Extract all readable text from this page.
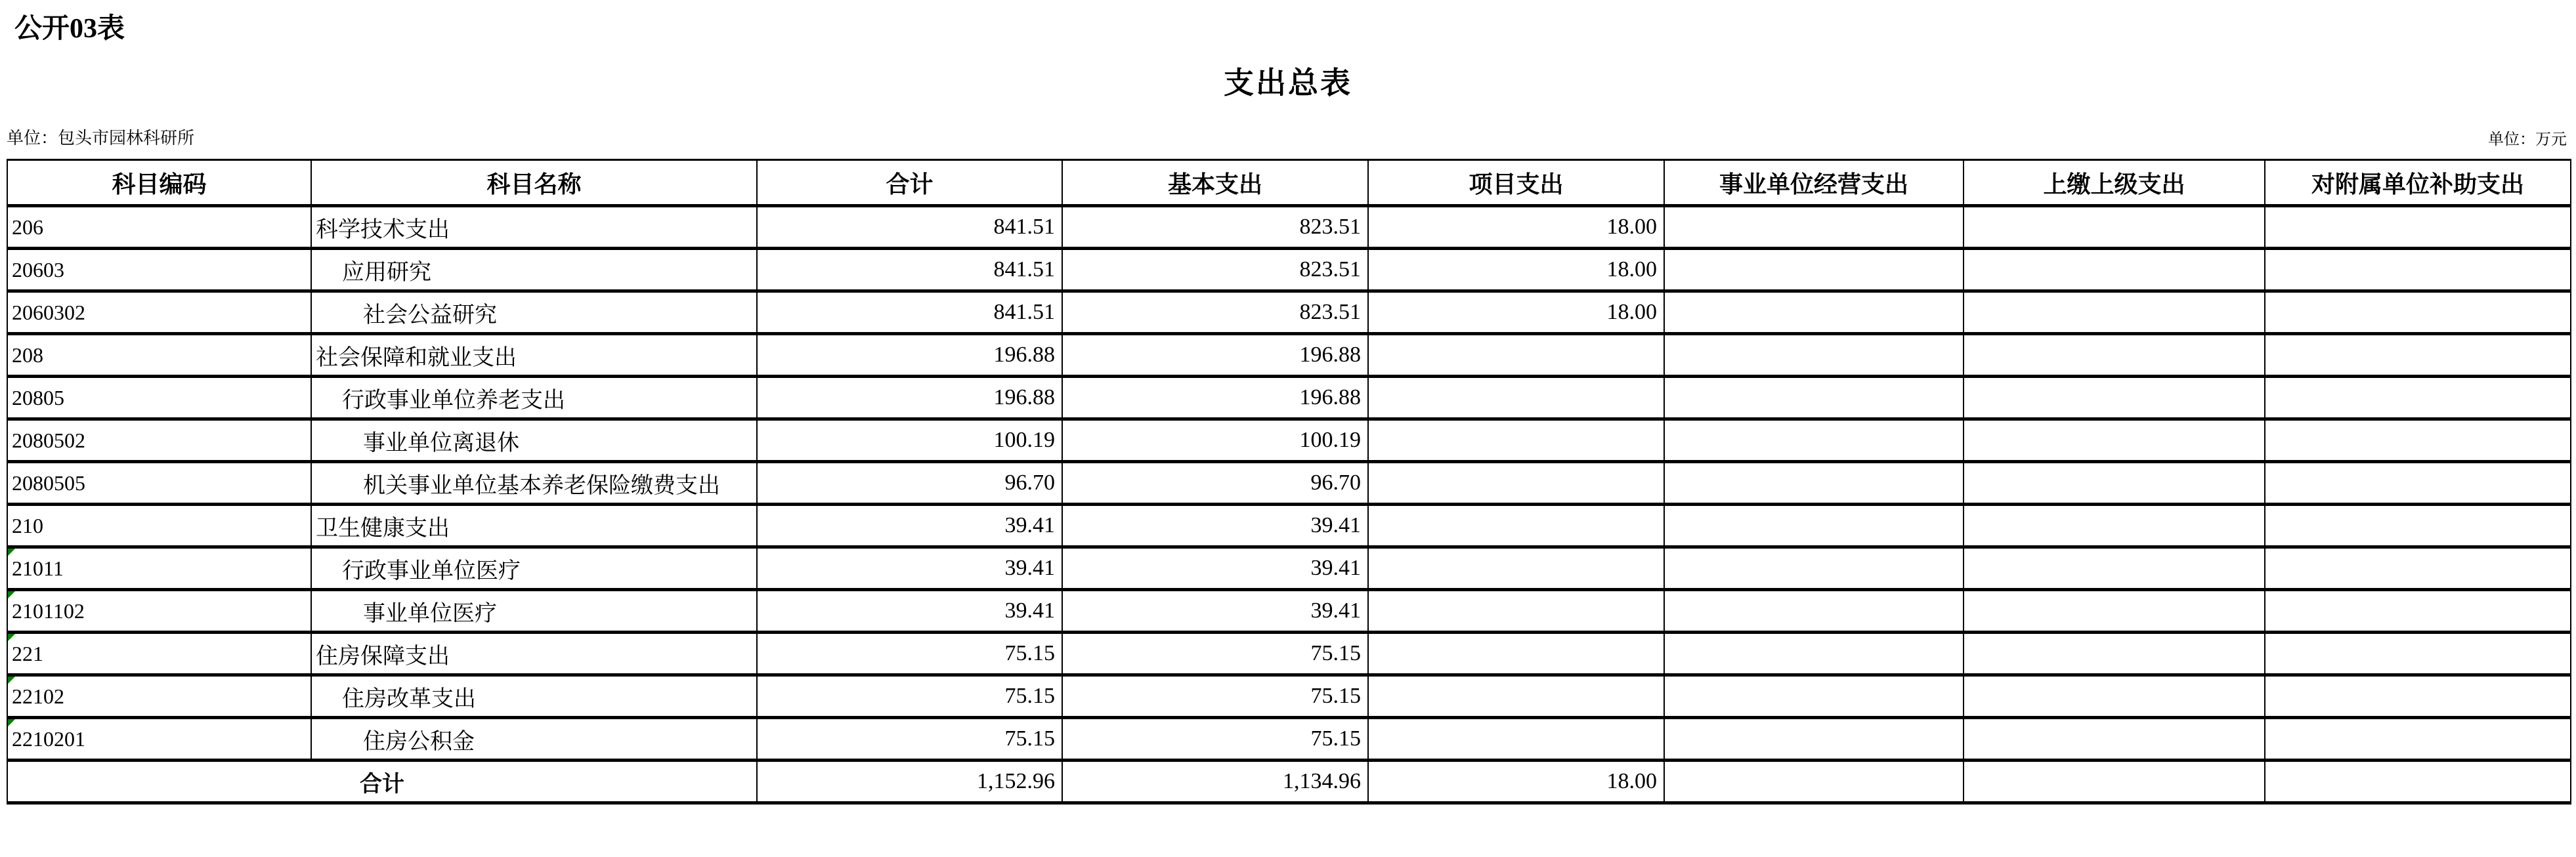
公开03表
支出总表
单位：包头市园林科研所	单位：万元
科目编码	科目名称	合计	基本支出	项目支出	事业单位经营支出	上缴上级支出	对附属单位补助支出
206	科学技术支出	841.51	823.51	18.00			
20603	应用研究	841.51	823.51	18.00			
2060302	社会公益研究	841.51	823.51	18.00			
208	社会保障和就业支出	196.88	196.88				
20805	行政事业单位养老支出	196.88	196.88				
2080502	事业单位离退休	100.19	100.19				
2080505	机关事业单位基本养老保险缴费支出	96.70	96.70				
210	卫生健康支出	39.41	39.41				
21011	行政事业单位医疗	39.41	39.41				
2101102	事业单位医疗	39.41	39.41				
221	住房保障支出	75.15	75.15				
22102	住房改革支出	75.15	75.15				
2210201	住房公积金	75.15	75.15				
合计		1,152.96	1,134.96	18.00			
